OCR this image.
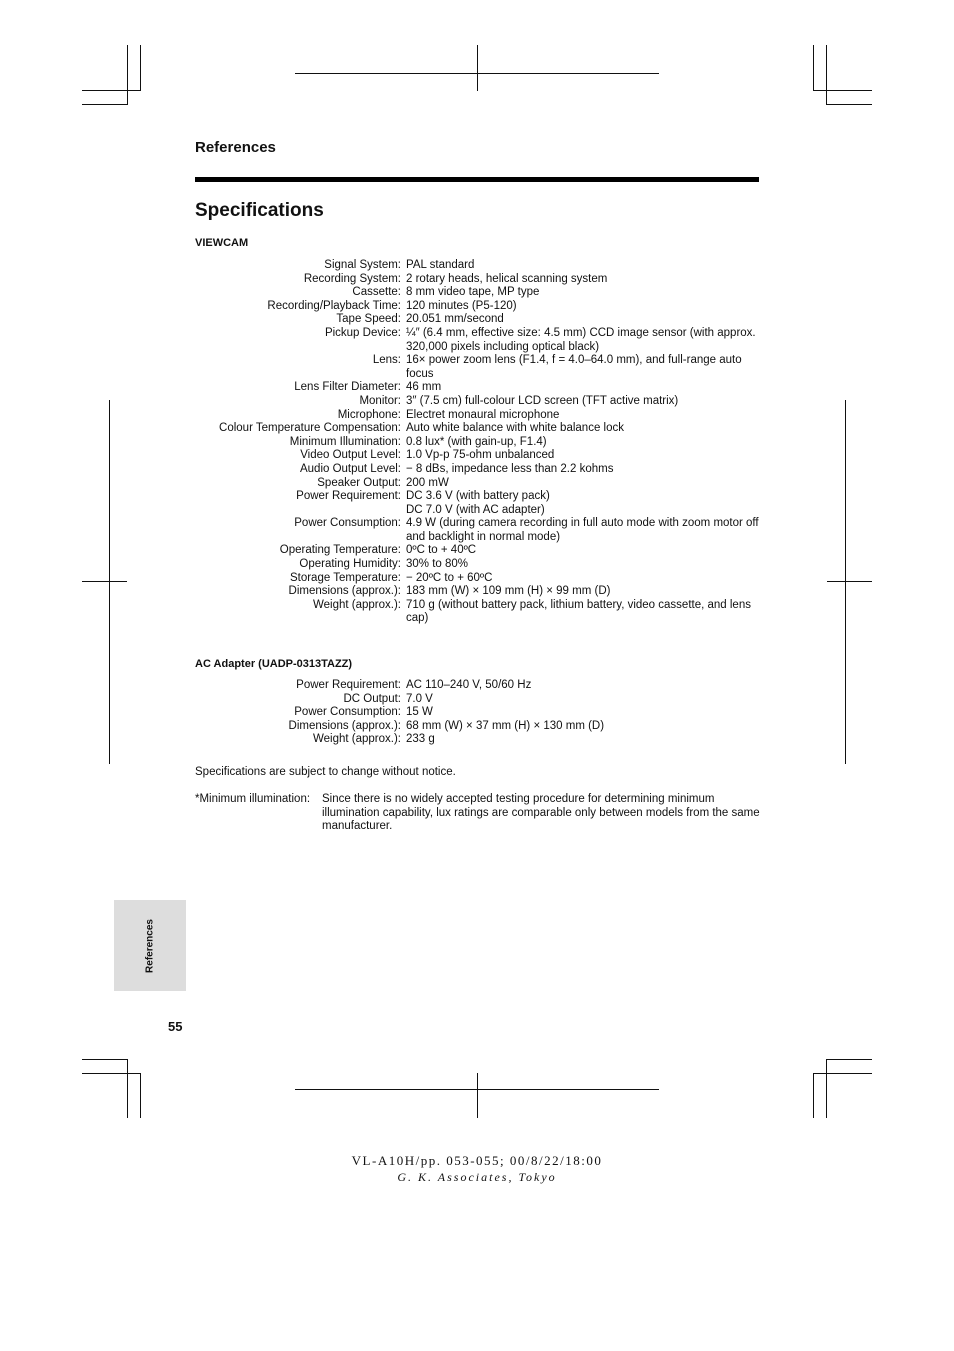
References
Specifications
VIEWCAM
Signal System: PAL standard
Recording System: 2 rotary heads, helical scanning system
Cassette: 8 mm video tape, MP type
Recording/Playback Time: 120 minutes (P5-120)
Tape Speed: 20.051 mm/second
Pickup Device: ¼″ (6.4 mm, effective size: 4.5 mm) CCD image sensor (with approx. 320,000 pixels including optical black)
Lens: 16× power zoom lens (F1.4, f = 4.0–64.0 mm), and full-range auto focus
Lens Filter Diameter: 46 mm
Monitor: 3″ (7.5 cm) full-colour LCD screen (TFT active matrix)
Microphone: Electret monaural microphone
Colour Temperature Compensation: Auto white balance with white balance lock
Minimum Illumination: 0.8 lux* (with gain-up, F1.4)
Video Output Level: 1.0 Vp-p 75-ohm unbalanced
Audio Output Level: − 8 dBs, impedance less than 2.2 kohms
Speaker Output: 200 mW
Power Requirement: DC 3.6 V (with battery pack)
DC 7.0 V (with AC adapter)
Power Consumption: 4.9 W (during camera recording in full auto mode with zoom motor off and backlight in normal mode)
Operating Temperature: 0ºC to + 40ºC
Operating Humidity: 30% to 80%
Storage Temperature: − 20ºC to + 60ºC
Dimensions (approx.): 183 mm (W) × 109 mm (H) × 99 mm (D)
Weight (approx.): 710 g (without battery pack, lithium battery, video cassette, and lens cap)
AC Adapter (UADP-0313TAZZ)
Power Requirement: AC 110–240 V, 50/60 Hz
DC Output: 7.0 V
Power Consumption: 15 W
Dimensions (approx.): 68 mm (W) × 37 mm (H) × 130 mm (D)
Weight (approx.): 233 g
Specifications are subject to change without notice.
*Minimum illumination:	Since there is no widely accepted testing procedure for determining minimum illumination capability, lux ratings are comparable only between models from the same manufacturer.
References
55
VL-A10H/pp. 053-055; 00/8/22/18:00
G. K. Associates, Tokyo
